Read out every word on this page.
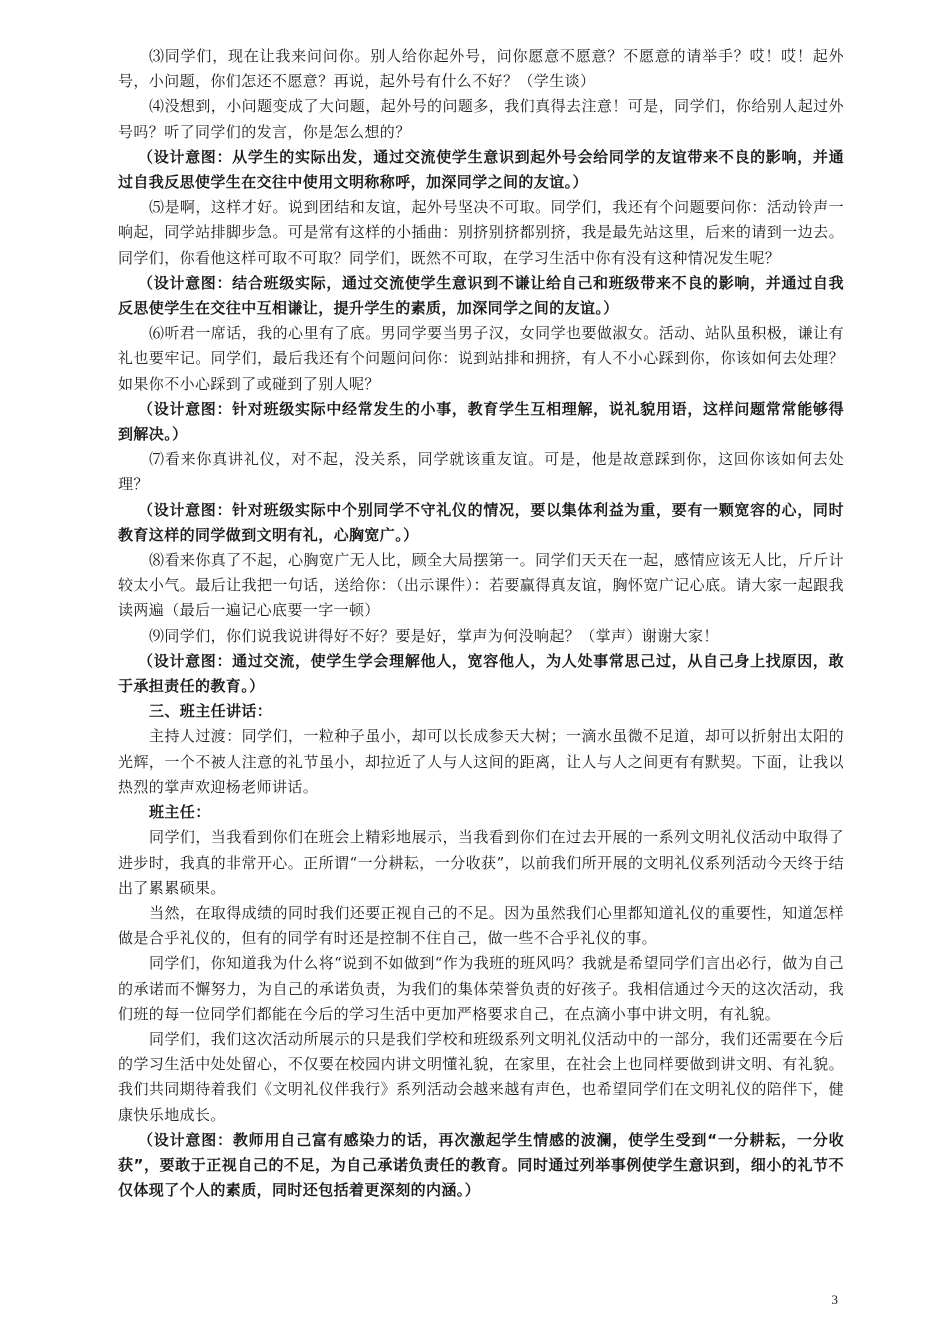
⑶同学们，现在让我来问问你。别人给你起外号，问你愿意不愿意？不愿意的请举手？哎！哎！起外号，小问题，你们怎还不愿意？再说，起外号有什么不好？（学生谈）

⑷没想到，小问题变成了大问题，起外号的问题多，我们真得去注意！可是，同学们，你给别人起过外号吗？听了同学们的发言，你是怎么想的？

（设计意图：从学生的实际出发，通过交流使学生意识到起外号会给同学的友谊带来不良的影响，并通过自我反思使学生在交往中使用文明称称呼，加深同学之间的友谊。）

⑸是啊，这样才好。说到团结和友谊，起外号坚决不可取。同学们，我还有个问题要问你：活动铃声一响起，同学站排脚步急。可是常有这样的小插曲：别挤别挤都别挤，我是最先站这里，后来的请到一边去。同学们，你看他这样可取不可取？同学们，既然不可取，在学习生活中你有没有这种情况发生呢？

（设计意图：结合班级实际，通过交流使学生意识到不谦让给自己和班级带来不良的影响，并通过自我反思使学生在交往中互相谦让，提升学生的素质，加深同学之间的友谊。）

⑹听君一席话，我的心里有了底。男同学要当男子汉，女同学也要做淑女。活动、站队虽积极，谦让有礼也要牢记。同学们，最后我还有个问题问问你：说到站排和拥挤，有人不小心踩到你，你该如何去处理？如果你不小心踩到了或碰到了别人呢？

（设计意图：针对班级实际中经常发生的小事，教育学生互相理解，说礼貌用语，这样问题常常能够得到解决。）

⑺看来你真讲礼仪，对不起，没关系，同学就该重友谊。可是，他是故意踩到你，这回你该如何去处理？

（设计意图：针对班级实际中个别同学不守礼仪的情况，要以集体利益为重，要有一颗宽容的心，同时教育这样的同学做到文明有礼，心胸宽广。）

⑻看来你真了不起，心胸宽广无人比，顾全大局摆第一。同学们天天在一起，感情应该无人比，斤斤计较太小气。最后让我把一句话，送给你：（出示课件）：若要赢得真友谊，胸怀宽广记心底。请大家一起跟我读两遍（最后一遍记心底要一字一顿）

⑼同学们，你们说我说讲得好不好？要是好，掌声为何没响起？（掌声）谢谢大家！

（设计意图：通过交流，使学生学会理解他人，宽容他人，为人处事常思己过，从自己身上找原因，敢于承担责任的教育。）

三、班主任讲话：

主持人过渡：同学们，一粒种子虽小，却可以长成参天大树；一滴水虽微不足道，却可以折射出太阳的光辉，一个不被人注意的礼节虽小，却拉近了人与人这间的距离，让人与人之间更有有默契。下面，让我以热烈的掌声欢迎杨老师讲话。

班主任：

同学们，当我看到你们在班会上精彩地展示，当我看到你们在过去开展的一系列文明礼仪活动中取得了进步时，我真的非常开心。正所谓“一分耕耘，一分收获”，以前我们所开展的文明礼仪系列活动今天终于结出了累累硕果。

当然，在取得成绩的同时我们还要正视自己的不足。因为虽然我们心里都知道礼仪的重要性，知道怎样做是合乎礼仪的，但有的同学有时还是控制不住自己，做一些不合乎礼仪的事。

同学们，你知道我为什么将“说到不如做到“作为我班的班风吗？我就是希望同学们言出必行，做为自己的承诺而不懈努力，为自己的承诺负责，为我们的集体荣誉负责的好孩子。我相信通过今天的这次活动，我们班的每一位同学们都能在今后的学习生活中更加严格要求自己，在点滴小事中讲文明，有礼貌。

同学们，我们这次活动所展示的只是我们学校和班级系列文明礼仪活动中的一部分，我们还需要在今后的学习生活中处处留心，不仅要在校园内讲文明懂礼貌，在家里，在社会上也同样要做到讲文明、有礼貌。我们共同期待着我们《文明礼仪伴我行》系列活动会越来越有声色，也希望同学们在文明礼仪的陪伴下，健康快乐地成长。

（设计意图：教师用自己富有感染力的话，再次激起学生情感的波澜，使学生受到“一分耕耘，一分收获”，要敢于正视自己的不足，为自己承诺负责任的教育。同时通过列举事例使学生意识到，细小的礼节不仅体现了个人的素质，同时还包括着更深刻的内涵。）

3
